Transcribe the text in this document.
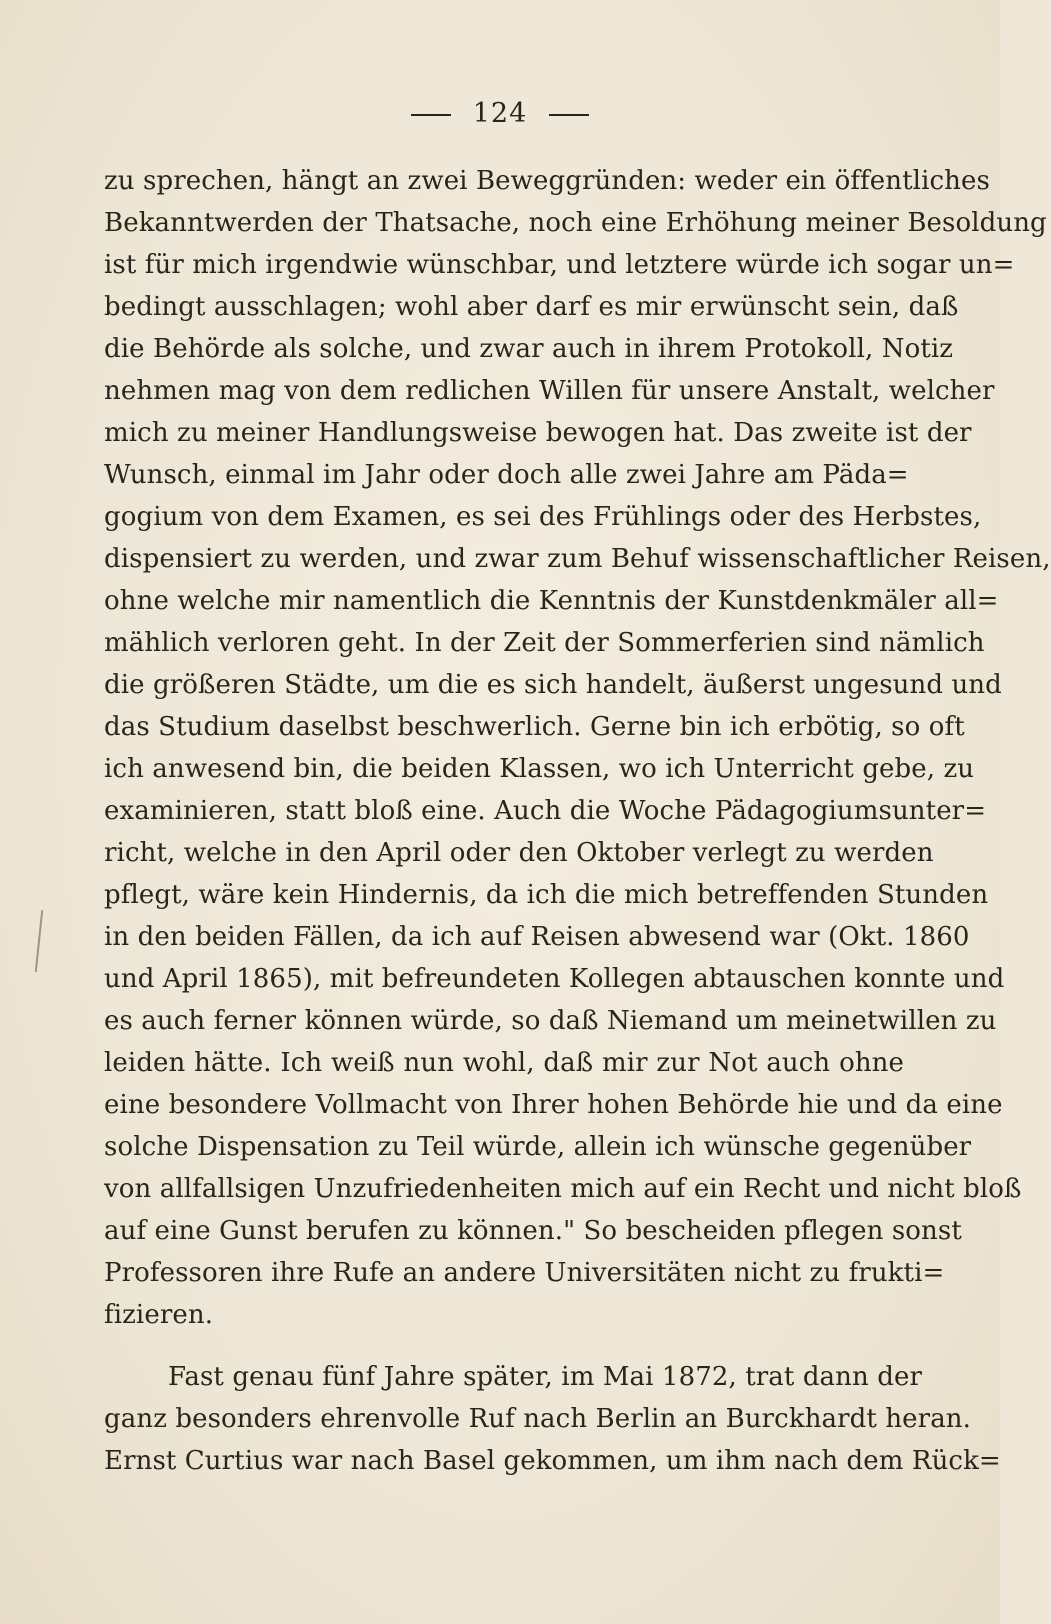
124
zu sprechen, hängt an zwei Beweggründen: weder ein öffentliches
Bekanntwerden der Thatsache, noch eine Erhöhung meiner Besoldung
ist für mich irgendwie wünschbar, und letztere würde ich sogar un=
bedingt ausschlagen; wohl aber darf es mir erwünscht sein, daß
die Behörde als solche, und zwar auch in ihrem Protokoll, Notiz
nehmen mag von dem redlichen Willen für unsere Anstalt, welcher
mich zu meiner Handlungsweise bewogen hat. Das zweite ist der
Wunsch, einmal im Jahr oder doch alle zwei Jahre am Päda=
gogium von dem Examen, es sei des Frühlings oder des Herbstes,
dispensiert zu werden, und zwar zum Behuf wissenschaftlicher Reisen,
ohne welche mir namentlich die Kenntnis der Kunstdenkmäler all=
mählich verloren geht. In der Zeit der Sommerferien sind nämlich
die größeren Städte, um die es sich handelt, äußerst ungesund und
das Studium daselbst beschwerlich. Gerne bin ich erbötig, so oft
ich anwesend bin, die beiden Klassen, wo ich Unterricht gebe, zu
examinieren, statt bloß eine. Auch die Woche Pädagogiumsunter=
richt, welche in den April oder den Oktober verlegt zu werden
pflegt, wäre kein Hindernis, da ich die mich betreffenden Stunden
in den beiden Fällen, da ich auf Reisen abwesend war (Okt. 1860
und April 1865), mit befreundeten Kollegen abtauschen konnte und
es auch ferner können würde, so daß Niemand um meinetwillen zu
leiden hätte. Ich weiß nun wohl, daß mir zur Not auch ohne
eine besondere Vollmacht von Ihrer hohen Behörde hie und da eine
solche Dispensation zu Teil würde, allein ich wünsche gegenüber
von allfallsigen Unzufriedenheiten mich auf ein Recht und nicht bloß
auf eine Gunst berufen zu können." So bescheiden pflegen sonst
Professoren ihre Rufe an andere Universitäten nicht zu frukti=
fizieren.
Fast genau fünf Jahre später, im Mai 1872, trat dann der
ganz besonders ehrenvolle Ruf nach Berlin an Burckhardt heran.
Ernst Curtius war nach Basel gekommen, um ihm nach dem Rück=
